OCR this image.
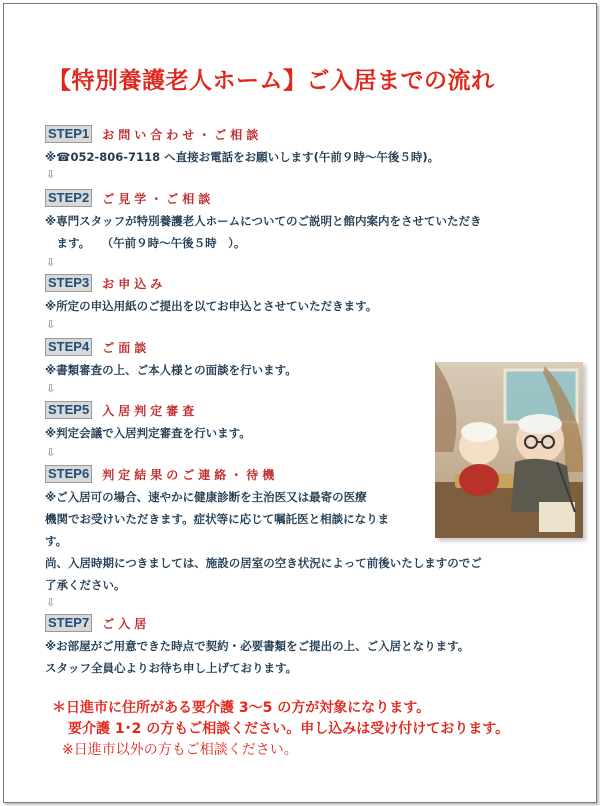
【特別養護老人ホーム】ご入居までの流れ
STEP1 お問い合わせ・ご相談
※☎052-806-7118 へ直接お電話をお願いします(午前９時～午後５時)。
⇩
STEP2 ご見学・ご相談
※専門スタッフが特別養護老人ホームについてのご説明と館内案内をさせていただき
　ます。　　（午前９時～午後５時　）。
⇩
STEP3 お申込み
※所定の申込用紙のご提出を以てお申込とさせていただきます。
⇩
STEP4 ご面談
※書類審査の上、ご本人様との面談を行います。
⇩
STEP5 入居判定審査
※判定会議で入居判定審査を行います。
⇩
STEP6 判定結果のご連絡・待機
※ご入居可の場合、速やかに健康診断を主治医又は最寄の医療
機関でお受けいただきます。症状等に応じて嘱託医と相談になりま
す。
尚、入居時期につきましては、施設の居室の空き状況によって前後いたしますのでご
了承ください。
⇩
STEP7 ご入居
※お部屋がご用意できた時点で契約・必要書類をご提出の上、ご入居となります。
スタッフ全員心よりお待ち申し上げております。
＊日進市に住所がある要介護 3～5 の方が対象になります。
要介護 1･2 の方もご相談ください。申し込みは受け付けております。
※日進市以外の方もご相談ください。
